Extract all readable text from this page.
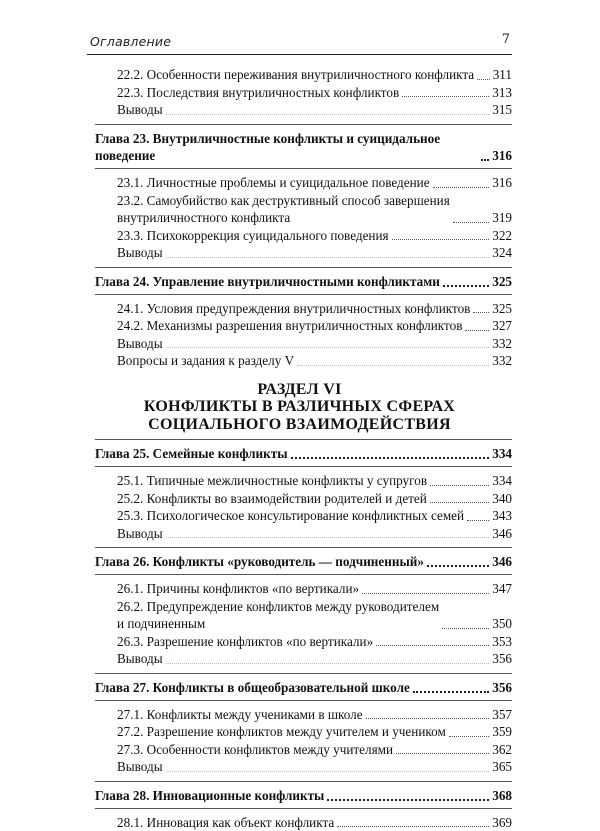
Оглавление	7
22.2. Особенности переживания внутриличностного конфликта 311
22.3. Последствия внутриличностных конфликтов	313
Выводы	315
Глава 23. Внутриличностные конфликты и суицидальное поведение	316
23.1. Личностные проблемы и суицидальное поведение	316
23.2. Самоубийство как деструктивный способ завершения
внутриличностного конфликта	319
23.3. Психокоррекция суицидального поведения	322
Выводы	324
Глава 24. Управление внутриличностными конфликтами	325
24.1. Условия предупреждения внутриличностных конфликтов 325
24.2. Механизмы разрешения внутриличностных конфликтов 327
Выводы	332
Вопросы и задания к разделу V	332
РАЗДЕЛ VI
КОНФЛИКТЫ В РАЗЛИЧНЫХ СФЕРАХ
СОЦИАЛЬНОГО ВЗАИМОДЕЙСТВИЯ
Глава 25. Семейные конфликты	334
25.1. Типичные межличностные конфликты у супругов	334
25.2. Конфликты во взаимодействии родителей и детей	340
25.3. Психологическое консультирование конфликтных семей 343
Выводы	346
Глава 26. Конфликты «руководитель — подчиненный»	346
26.1. Причины конфликтов «по вертикали»	347
26.2. Предупреждение конфликтов между руководителем
и подчиненным	350
26.3. Разрешение конфликтов «по вертикали»	353
Выводы	356
Глава 27. Конфликты в общеобразовательной школе	356
27.1. Конфликты между учениками в школе	357
27.2. Разрешение конфликтов между учителем и учеником	359
27.3. Особенности конфликтов между учителями	362
Выводы	365
Глава 28. Инновационные конфликты	368
28.1. Инновация как объект конфликта	369
